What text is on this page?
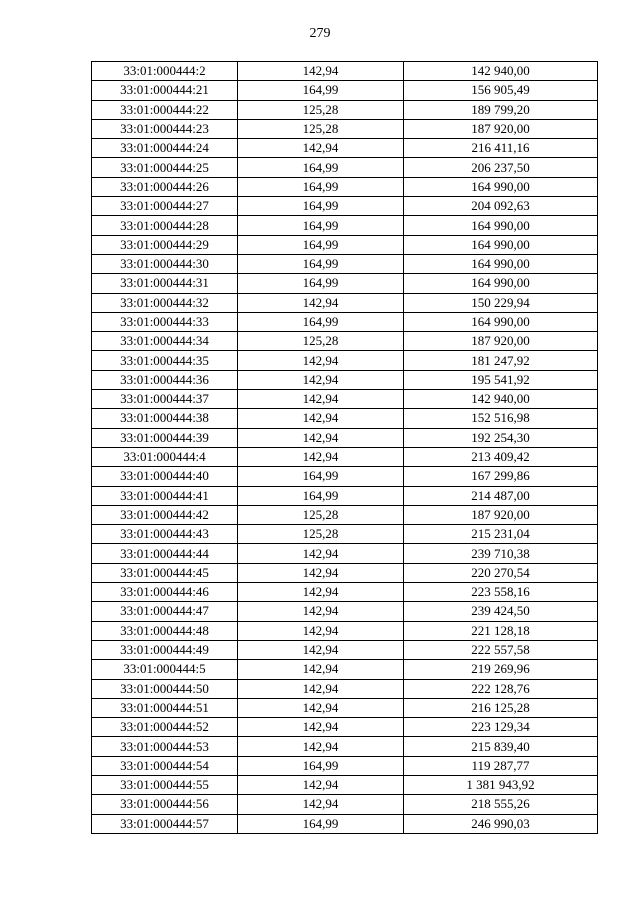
279
33:01:000444:2	142,94	142 940,00
33:01:000444:21	164,99	156 905,49
33:01:000444:22	125,28	189 799,20
33:01:000444:23	125,28	187 920,00
33:01:000444:24	142,94	216 411,16
33:01:000444:25	164,99	206 237,50
33:01:000444:26	164,99	164 990,00
33:01:000444:27	164,99	204 092,63
33:01:000444:28	164,99	164 990,00
33:01:000444:29	164,99	164 990,00
33:01:000444:30	164,99	164 990,00
33:01:000444:31	164,99	164 990,00
33:01:000444:32	142,94	150 229,94
33:01:000444:33	164,99	164 990,00
33:01:000444:34	125,28	187 920,00
33:01:000444:35	142,94	181 247,92
33:01:000444:36	142,94	195 541,92
33:01:000444:37	142,94	142 940,00
33:01:000444:38	142,94	152 516,98
33:01:000444:39	142,94	192 254,30
33:01:000444:4	142,94	213 409,42
33:01:000444:40	164,99	167 299,86
33:01:000444:41	164,99	214 487,00
33:01:000444:42	125,28	187 920,00
33:01:000444:43	125,28	215 231,04
33:01:000444:44	142,94	239 710,38
33:01:000444:45	142,94	220 270,54
33:01:000444:46	142,94	223 558,16
33:01:000444:47	142,94	239 424,50
33:01:000444:48	142,94	221 128,18
33:01:000444:49	142,94	222 557,58
33:01:000444:5	142,94	219 269,96
33:01:000444:50	142,94	222 128,76
33:01:000444:51	142,94	216 125,28
33:01:000444:52	142,94	223 129,34
33:01:000444:53	142,94	215 839,40
33:01:000444:54	164,99	119 287,77
33:01:000444:55	142,94	1 381 943,92
33:01:000444:56	142,94	218 555,26
33:01:000444:57	164,99	246 990,03
